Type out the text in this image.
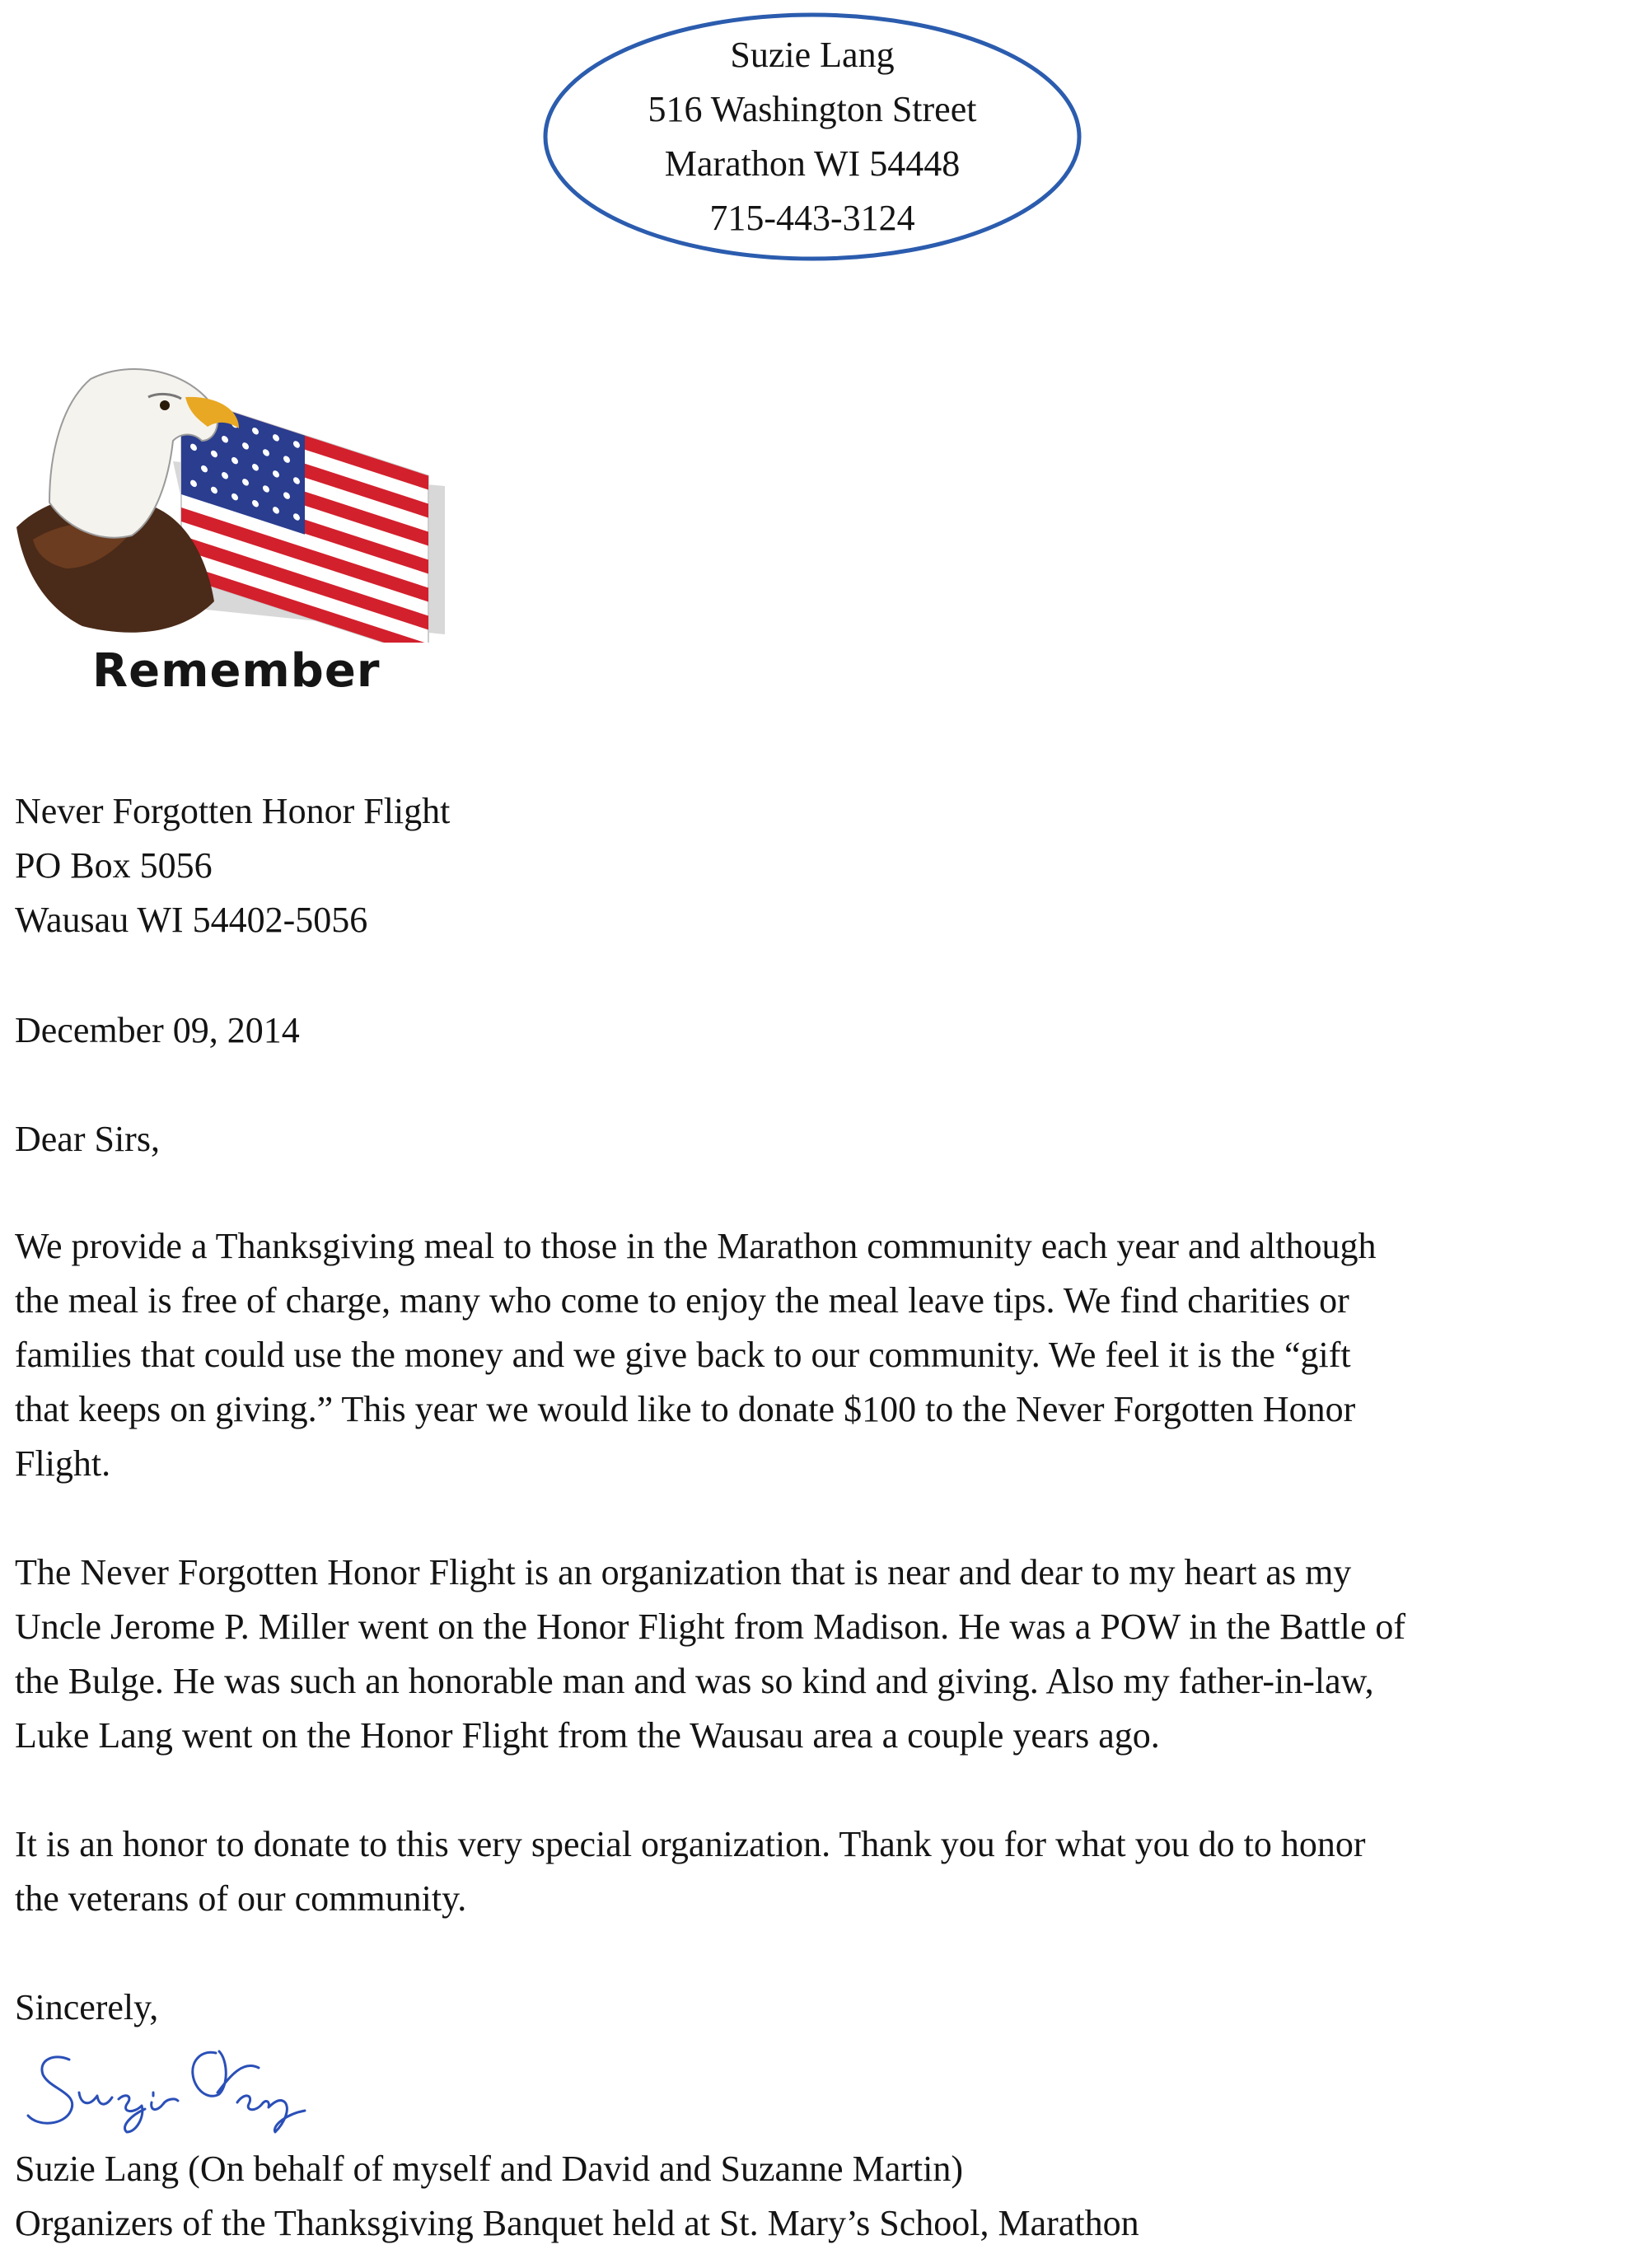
Suzie Lang
516 Washington Street
Marathon WI 54448
715-443-3124
Remember
Never Forgotten Honor Flight
PO Box 5056
Wausau WI 54402-5056
December 09, 2014
Dear Sirs,
We provide a Thanksgiving meal to those in the Marathon community each year and although
the meal is free of charge, many who come to enjoy the meal leave tips. We find charities or
families that could use the money and we give back to our community. We feel it is the “gift
that keeps on giving.” This year we would like to donate $100 to the Never Forgotten Honor
Flight.
The Never Forgotten Honor Flight is an organization that is near and dear to my heart as my
Uncle Jerome P. Miller went on the Honor Flight from Madison. He was a POW in the Battle of
the Bulge. He was such an honorable man and was so kind and giving. Also my father-in-law,
Luke Lang went on the Honor Flight from the Wausau area a couple years ago.
It is an honor to donate to this very special organization. Thank you for what you do to honor
the veterans of our community.
Sincerely,
Suzie Lang (On behalf of myself and David and Suzanne Martin)
Organizers of the Thanksgiving Banquet held at St. Mary’s School, Marathon
